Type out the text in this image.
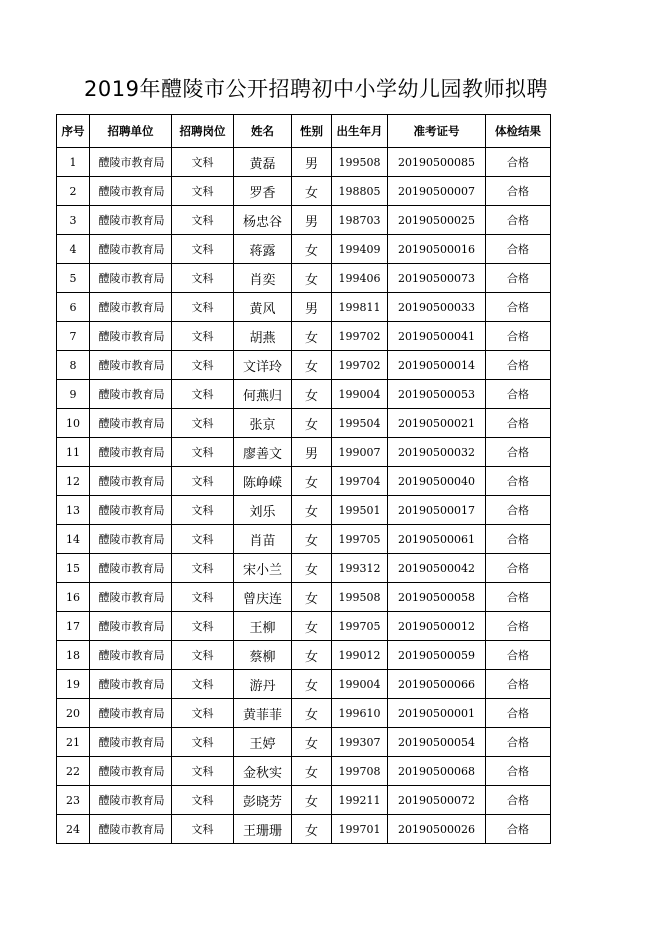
2019年醴陵市公开招聘初中小学幼儿园教师拟聘
序号	招聘单位	招聘岗位	姓名	性别	出生年月	准考证号	体检结果
1	醴陵市教育局	文科	黄磊	男	199508	20190500085	合格
2	醴陵市教育局	文科	罗香	女	198805	20190500007	合格
3	醴陵市教育局	文科	杨忠谷	男	198703	20190500025	合格
4	醴陵市教育局	文科	蒋露	女	199409	20190500016	合格
5	醴陵市教育局	文科	肖奕	女	199406	20190500073	合格
6	醴陵市教育局	文科	黄风	男	199811	20190500033	合格
7	醴陵市教育局	文科	胡燕	女	199702	20190500041	合格
8	醴陵市教育局	文科	文详玲	女	199702	20190500014	合格
9	醴陵市教育局	文科	何燕归	女	199004	20190500053	合格
10	醴陵市教育局	文科	张京	女	199504	20190500021	合格
11	醴陵市教育局	文科	廖善文	男	199007	20190500032	合格
12	醴陵市教育局	文科	陈峥嵘	女	199704	20190500040	合格
13	醴陵市教育局	文科	刘乐	女	199501	20190500017	合格
14	醴陵市教育局	文科	肖苗	女	199705	20190500061	合格
15	醴陵市教育局	文科	宋小兰	女	199312	20190500042	合格
16	醴陵市教育局	文科	曾庆连	女	199508	20190500058	合格
17	醴陵市教育局	文科	王柳	女	199705	20190500012	合格
18	醴陵市教育局	文科	蔡柳	女	199012	20190500059	合格
19	醴陵市教育局	文科	游丹	女	199004	20190500066	合格
20	醴陵市教育局	文科	黄菲菲	女	199610	20190500001	合格
21	醴陵市教育局	文科	王婷	女	199307	20190500054	合格
22	醴陵市教育局	文科	金秋实	女	199708	20190500068	合格
23	醴陵市教育局	文科	彭晓芳	女	199211	20190500072	合格
24	醴陵市教育局	文科	王珊珊	女	199701	20190500026	合格
